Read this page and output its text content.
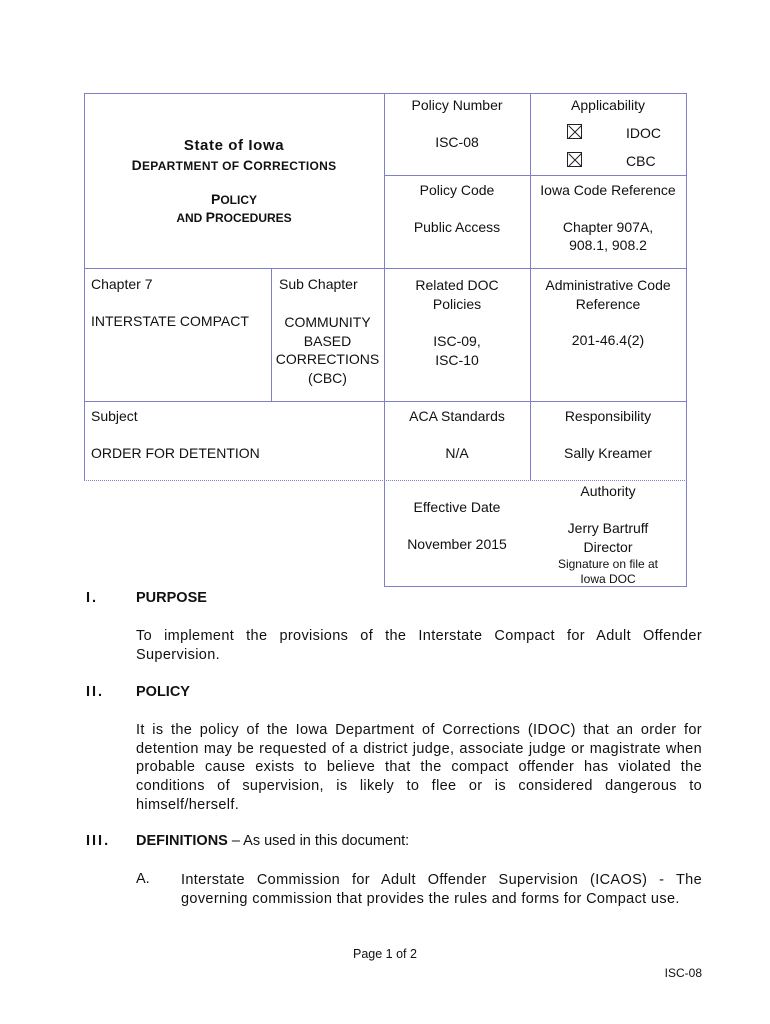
State of Iowa
DEPARTMENT OF CORRECTIONS
POLICY
AND PROCEDURES
Policy Number
ISC-08
Applicability
IDOC
CBC
Policy Code
Public Access
Iowa Code Reference
Chapter 907A,
908.1, 908.2
Chapter 7
INTERSTATE COMPACT
Sub Chapter
COMMUNITY
BASED
CORRECTIONS
(CBC)
Related DOC
Policies
ISC-09,
ISC-10
Administrative Code
Reference
201-46.4(2)
Subject
ORDER FOR DETENTION
ACA Standards
N/A
Responsibility
Sally Kreamer
Effective Date
November 2015
Authority
Jerry Bartruff
Director
Signature on file at
Iowa DOC
I.	PURPOSE
To implement the provisions of the Interstate Compact for Adult Offender Supervision.
II. POLICY
It is the policy of the Iowa Department of Corrections (IDOC) that an order for detention may be requested of a district judge, associate judge or magistrate when probable cause exists to believe that the compact offender has violated the conditions of supervision, is likely to flee or is considered dangerous to himself/herself.
III. DEFINITIONS – As used in this document:
A. Interstate Commission for Adult Offender Supervision (ICAOS) - The governing commission that provides the rules and forms for Compact use.
Page 1 of 2
ISC-08
